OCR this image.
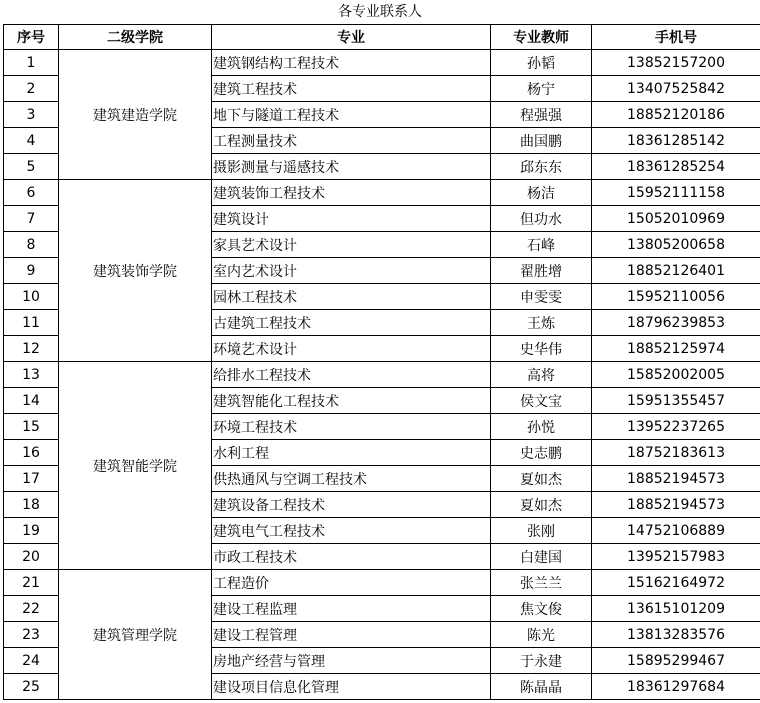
各专业联系人
序号	二级学院	专业	专业教师	手机号
1	建筑建造学院	建筑钢结构工程技术	孙韬	13852157200
2		建筑工程技术	杨宁	13407525842
3		地下与隧道工程技术	程强强	18852120186
4		工程测量技术	曲国鹏	18361285142
5		摄影测量与遥感技术	邱东东	18361285254
6	建筑装饰学院	建筑装饰工程技术	杨洁	15952111158
7		建筑设计	但功水	15052010969
8		家具艺术设计	石峰	13805200658
9		室内艺术设计	翟胜增	18852126401
10		园林工程技术	申雯雯	15952110056
11		古建筑工程技术	王炼	18796239853
12		环境艺术设计	史华伟	18852125974
13	建筑智能学院	给排水工程技术	高将	15852002005
14		建筑智能化工程技术	侯文宝	15951355457
15		环境工程技术	孙悦	13952237265
16		水利工程	史志鹏	18752183613
17		供热通风与空调工程技术	夏如杰	18852194573
18		建筑设备工程技术	夏如杰	18852194573
19		建筑电气工程技术	张刚	14752106889
20		市政工程技术	白建国	13952157983
21	建筑管理学院	工程造价	张兰兰	15162164972
22		建设工程监理	焦文俊	13615101209
23		建设工程管理	陈光	13813283576
24		房地产经营与管理	于永建	15895299467
25		建设项目信息化管理	陈晶晶	18361297684
